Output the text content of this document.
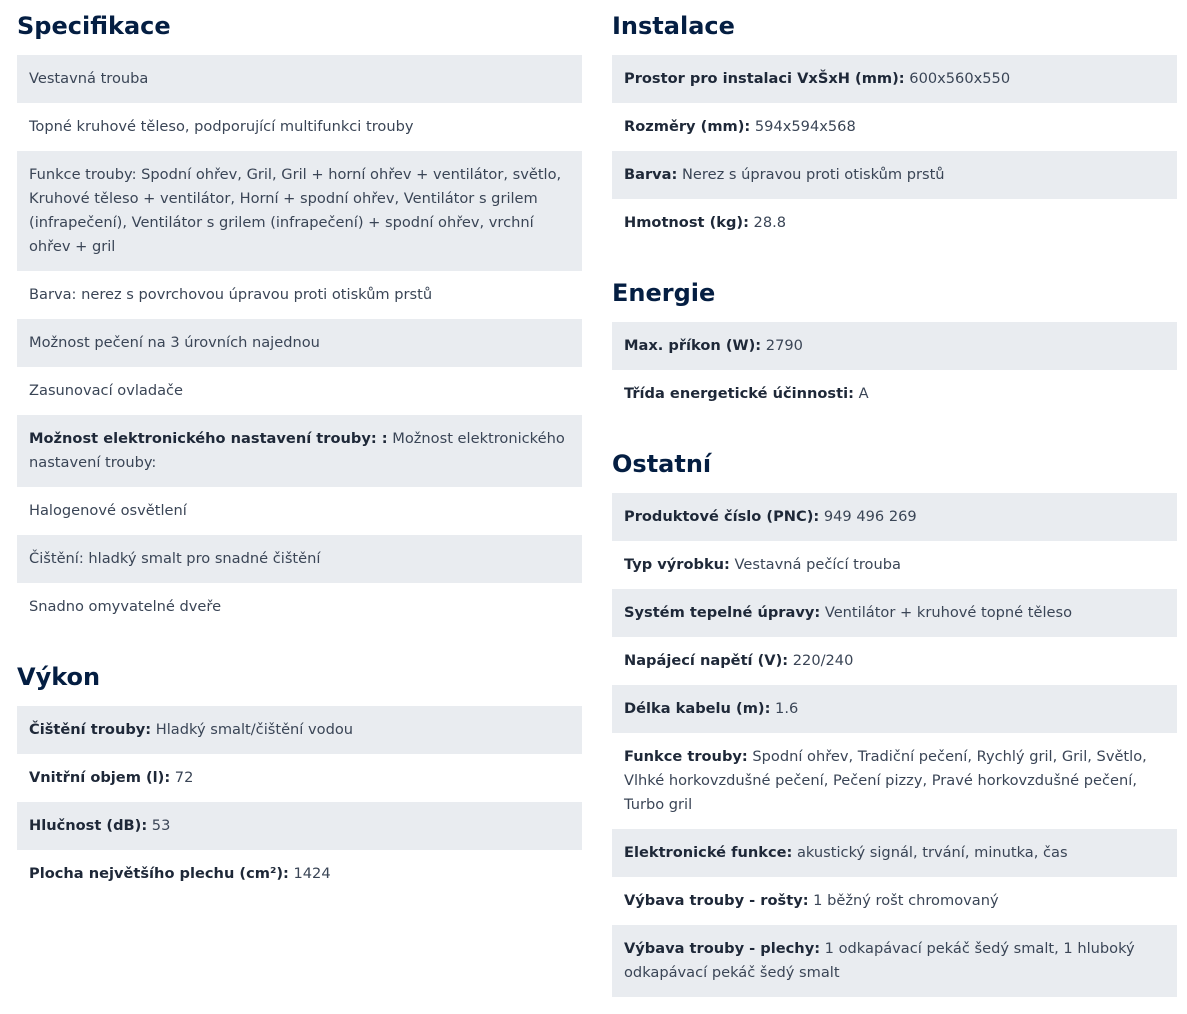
Specifikace
Vestavná trouba
Topné kruhové těleso, podporující multifunkci trouby
Funkce trouby: Spodní ohřev, Gril, Gril + horní ohřev + ventilátor, světlo, Kruhové těleso + ventilátor, Horní + spodní ohřev, Ventilátor s grilem (infrapečení), Ventilátor s grilem (infrapečení) + spodní ohřev, vrchní ohřev + gril
Barva: nerez s povrchovou úpravou proti otiskům prstů
Možnost pečení na 3 úrovních najednou
Zasunovací ovladače
Možnost elektronického nastavení trouby: : Možnost elektronického nastavení trouby:
Halogenové osvětlení
Čištění: hladký smalt pro snadné čištění
Snadno omyvatelné dveře
Výkon
Čištění trouby: Hladký smalt/čištění vodou
Vnitřní objem (l): 72
Hlučnost (dB): 53
Plocha největšího plechu (cm²): 1424
Instalace
Prostor pro instalaci VxŠxH (mm): 600x560x550
Rozměry (mm): 594x594x568
Barva: Nerez s úpravou proti otiskům prstů
Hmotnost (kg): 28.8
Energie
Max. příkon (W): 2790
Třída energetické účinnosti: A
Ostatní
Produktové číslo (PNC): 949 496 269
Typ výrobku: Vestavná pečící trouba
Systém tepelné úpravy: Ventilátor + kruhové topné těleso
Napájecí napětí (V): 220/240
Délka kabelu (m): 1.6
Funkce trouby: Spodní ohřev, Tradiční pečení, Rychlý gril, Gril, Světlo, Vlhké horkovzdušné pečení, Pečení pizzy, Pravé horkovzdušné pečení, Turbo gril
Elektronické funkce: akustický signál, trvání, minutka, čas
Výbava trouby - rošty: 1 běžný rošt chromovaný
Výbava trouby - plechy: 1 odkapávací pekáč šedý smalt, 1 hluboký odkapávací pekáč šedý smalt
